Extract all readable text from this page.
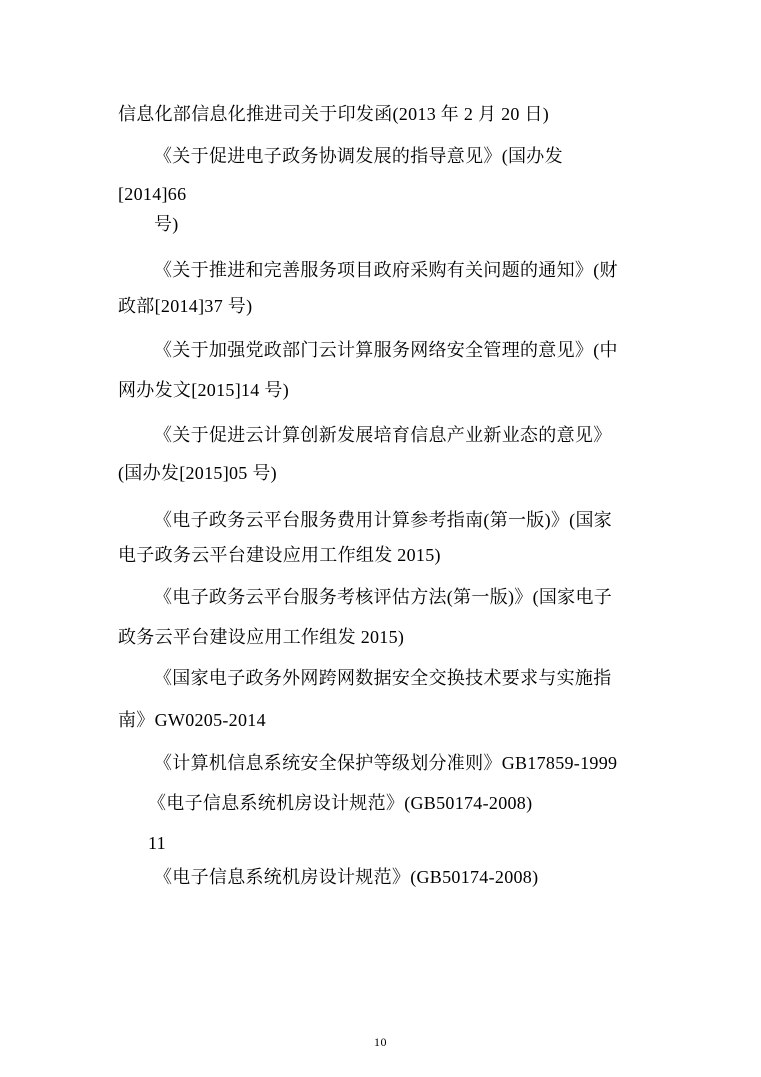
信息化部信息化推进司关于印发函(2013 年 2 月 20 日)
《关于促进电子政务协调发展的指导意见》(国办发
[2014]66
号)
《关于推进和完善服务项目政府采购有关问题的通知》(财
政部[2014]37 号)
《关于加强党政部门云计算服务网络安全管理的意见》(中
网办发文[2015]14 号)
《关于促进云计算创新发展培育信息产业新业态的意见》
(国办发[2015]05 号)
《电子政务云平台服务费用计算参考指南(第一版)》(国家
电子政务云平台建设应用工作组发 2015)
《电子政务云平台服务考核评估方法(第一版)》(国家电子
政务云平台建设应用工作组发 2015)
《国家电子政务外网跨网数据安全交换技术要求与实施指
南》GW0205-2014
《计算机信息系统安全保护等级划分准则》GB17859-1999
《电子信息系统机房设计规范》(GB50174-2008)
11
《电子信息系统机房设计规范》(GB50174-2008)
10
